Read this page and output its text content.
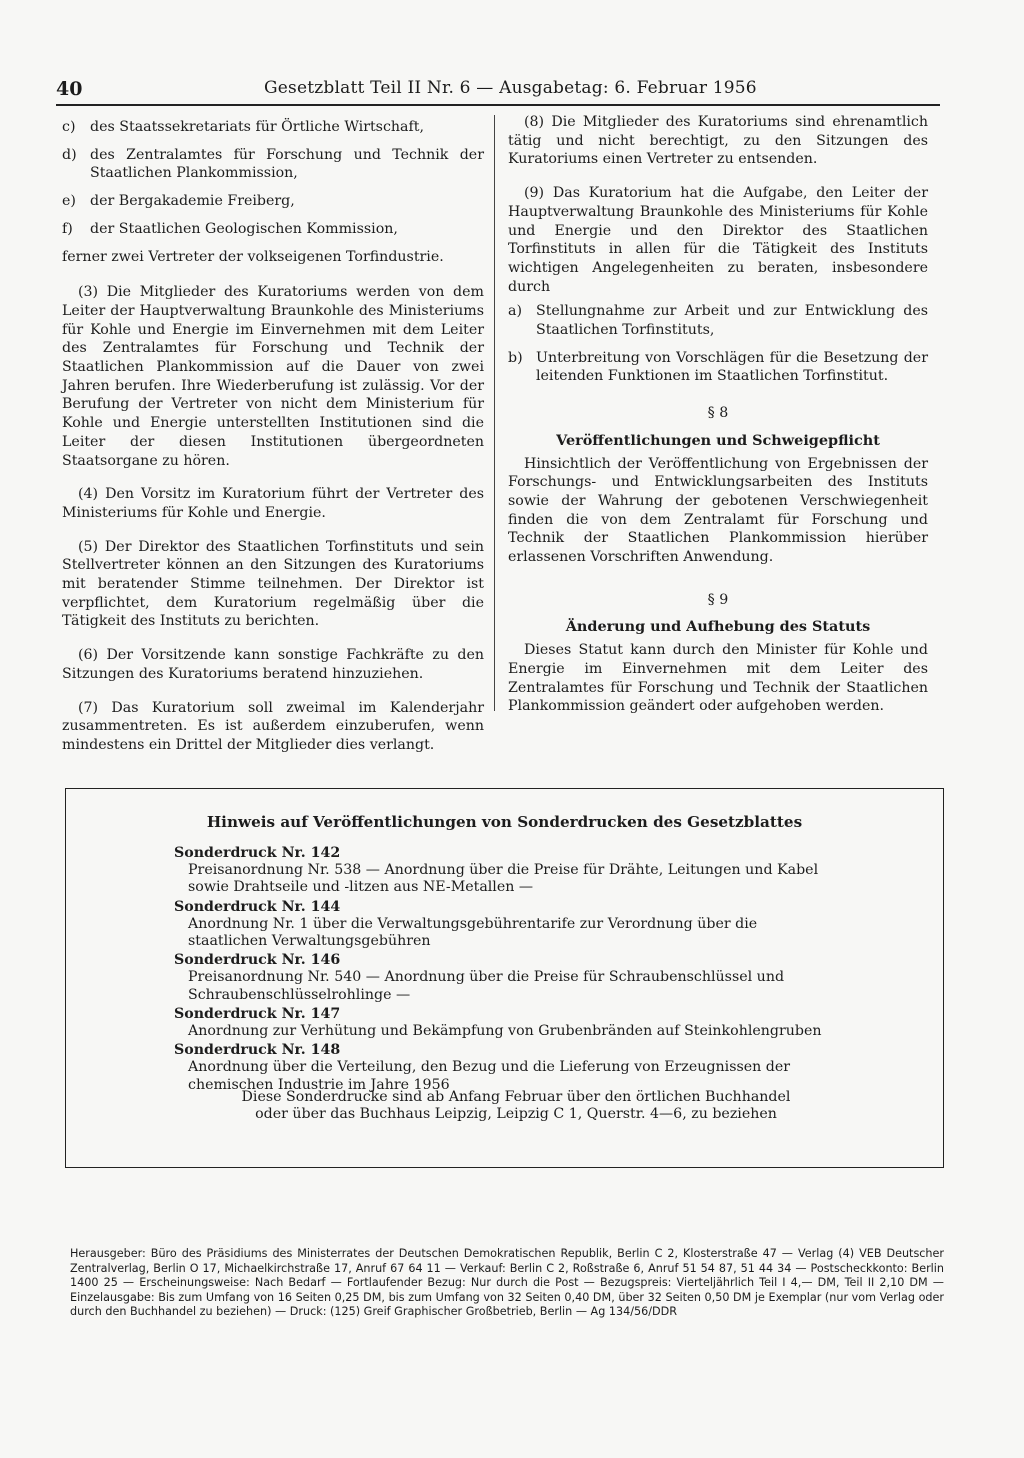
40	Gesetzblatt Teil II Nr. 6 — Ausgabetag: 6. Februar 1956
c) des Staatssekretariats für Örtliche Wirtschaft,
d) des Zentralamtes für Forschung und Technik der Staatlichen Plankommission,
e) der Bergakademie Freiberg,
f) der Staatlichen Geologischen Kommission,

ferner zwei Vertreter der volkseigenen Torfindustrie.

(3) Die Mitglieder des Kuratoriums werden von dem Leiter der Hauptverwaltung Braunkohle des Ministeriums für Kohle und Energie im Einvernehmen mit dem Leiter des Zentralamtes für Forschung und Technik der Staatlichen Plankommission auf die Dauer von zwei Jahren berufen. Ihre Wiederberufung ist zulässig. Vor der Berufung der Vertreter von nicht dem Ministerium für Kohle und Energie unterstellten Institutionen sind die Leiter der diesen Institutionen übergeordneten Staatsorgane zu hören.

(4) Den Vorsitz im Kuratorium führt der Vertreter des Ministeriums für Kohle und Energie.

(5) Der Direktor des Staatlichen Torfinstituts und sein Stellvertreter können an den Sitzungen des Kuratoriums mit beratender Stimme teilnehmen. Der Direktor ist verpflichtet, dem Kuratorium regelmäßig über die Tätigkeit des Instituts zu berichten.

(6) Der Vorsitzende kann sonstige Fachkräfte zu den Sitzungen des Kuratoriums beratend hinzuziehen.

(7) Das Kuratorium soll zweimal im Kalenderjahr zusammentreten. Es ist außerdem einzuberufen, wenn mindestens ein Drittel der Mitglieder dies verlangt.

(8) Die Mitglieder des Kuratoriums sind ehrenamtlich tätig und nicht berechtigt, zu den Sitzungen des Kuratoriums einen Vertreter zu entsenden.

(9) Das Kuratorium hat die Aufgabe, den Leiter der Hauptverwaltung Braunkohle des Ministeriums für Kohle und Energie und den Direktor des Staatlichen Torfinstituts in allen für die Tätigkeit des Instituts wichtigen Angelegenheiten zu beraten, insbesondere durch

a) Stellungnahme zur Arbeit und zur Entwicklung des Staatlichen Torfinstituts,
b) Unterbreitung von Vorschlägen für die Besetzung der leitenden Funktionen im Staatlichen Torfinstitut.
§ 8
Veröffentlichungen und Schweigepflicht

Hinsichtlich der Veröffentlichung von Ergebnissen der Forschungs- und Entwicklungsarbeiten des Instituts sowie der Wahrung der gebotenen Verschwiegenheit finden die von dem Zentralamt für Forschung und Technik der Staatlichen Plankommission hierüber erlassenen Vorschriften Anwendung.

§ 9
Änderung und Aufhebung des Statuts

Dieses Statut kann durch den Minister für Kohle und Energie im Einvernehmen mit dem Leiter des Zentralamtes für Forschung und Technik der Staatlichen Plankommission geändert oder aufgehoben werden.

Hinweis auf Veröffentlichungen von Sonderdrucken des Gesetzblattes
Sonderdruck Nr. 142
Preisanordnung Nr. 538 — Anordnung über die Preise für Drähte, Leitungen und Kabel sowie Drahtseile und -litzen aus NE-Metallen —
Sonderdruck Nr. 144
Anordnung Nr. 1 über die Verwaltungsgebührentarife zur Verordnung über die staatlichen Verwaltungsgebühren
Sonderdruck Nr. 146
Preisanordnung Nr. 540 — Anordnung über die Preise für Schraubenschlüssel und Schraubenschlüsselrohlinge —
Sonderdruck Nr. 147
Anordnung zur Verhütung und Bekämpfung von Grubenbränden auf Steinkohlengruben
Sonderdruck Nr. 148
Anordnung über die Verteilung, den Bezug und die Lieferung von Erzeugnissen der chemischen Industrie im Jahre 1956
Diese Sonderdrucke sind ab Anfang Februar über den örtlichen Buchhandel
oder über das Buchhaus Leipzig, Leipzig C 1, Querstr. 4—6, zu beziehen
Herausgeber: Büro des Präsidiums des Ministerrates der Deutschen Demokratischen Republik, Berlin C 2, Klosterstraße 47 — Verlag (4) VEB Deutscher Zentralverlag, Berlin O 17, Michaelkirchstraße 17, Anruf 67 64 11 — Verkauf: Berlin C 2, Roßstraße 6, Anruf 51 54 87, 51 44 34 — Postscheckkonto: Berlin 1400 25 — Erscheinungsweise: Nach Bedarf — Fortlaufender Bezug: Nur durch die Post — Bezugspreis: Vierteljährlich Teil I 4,— DM, Teil II 2,10 DM — Einzelausgabe: Bis zum Umfang von 16 Seiten 0,25 DM, bis zum Umfang von 32 Seiten 0,40 DM, über 32 Seiten 0,50 DM je Exemplar (nur vom Verlag oder durch den Buchhandel zu beziehen) — Druck: (125) Greif Graphischer Großbetrieb, Berlin — Ag 134/56/DDR
